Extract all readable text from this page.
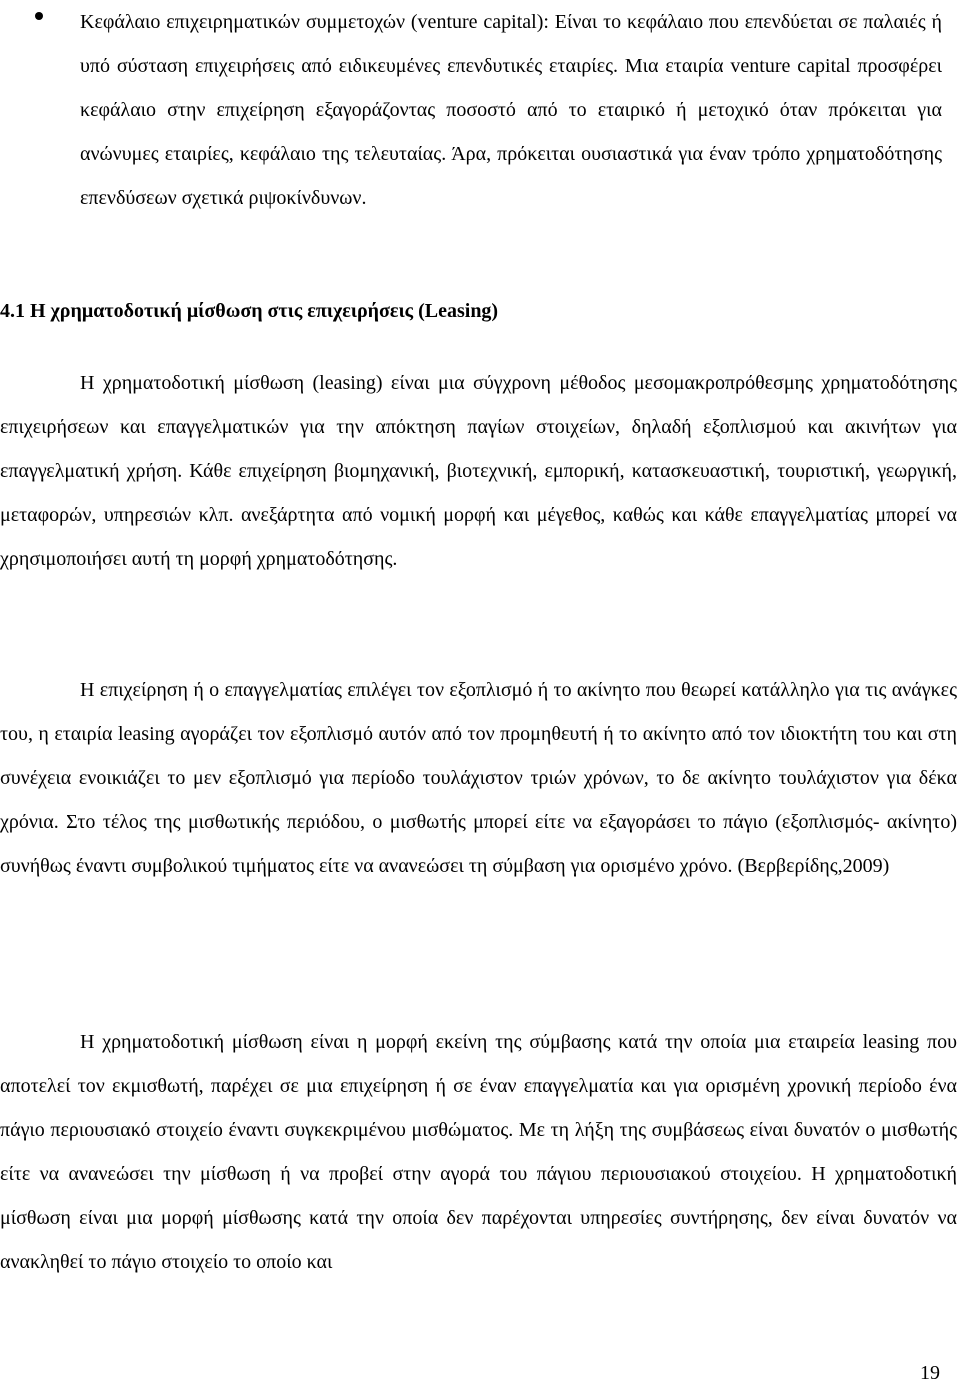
Κεφάλαιο επιχειρηματικών συμμετοχών (venture capital): Είναι το κεφάλαιο που επενδύεται σε παλαιές ή υπό σύσταση επιχειρήσεις από ειδικευμένες επενδυτικές εταιρίες. Μια εταιρία venture capital προσφέρει κεφάλαιο στην επιχείρηση εξαγοράζοντας ποσοστό από το εταιρικό ή μετοχικό όταν πρόκειται για ανώνυμες εταιρίες, κεφάλαιο της τελευταίας. Άρα, πρόκειται ουσιαστικά για έναν τρόπο χρηματοδότησης επενδύσεων σχετικά ριψοκίνδυνων.
4.1 Η χρηματοδοτική μίσθωση στις επιχειρήσεις (Leasing)
Η χρηματοδοτική μίσθωση (leasing) είναι μια σύγχρονη μέθοδος μεσομακροπρόθεσμης χρηματοδότησης επιχειρήσεων και επαγγελματικών για την απόκτηση παγίων στοιχείων, δηλαδή εξοπλισμού και ακινήτων για επαγγελματική χρήση. Κάθε επιχείρηση βιομηχανική, βιοτεχνική, εμπορική, κατασκευαστική, τουριστική, γεωργική, μεταφορών, υπηρεσιών κλπ. ανεξάρτητα από νομική μορφή και μέγεθος, καθώς και κάθε επαγγελματίας μπορεί να χρησιμοποιήσει αυτή τη μορφή χρηματοδότησης.
Η επιχείρηση ή ο επαγγελματίας επιλέγει τον εξοπλισμό ή το ακίνητο που θεωρεί κατάλληλο για τις ανάγκες του, η εταιρία leasing αγοράζει τον εξοπλισμό αυτόν από τον προμηθευτή ή το ακίνητο από τον ιδιοκτήτη του και στη συνέχεια ενοικιάζει το μεν εξοπλισμό για περίοδο τουλάχιστον τριών χρόνων, το δε ακίνητο τουλάχιστον για δέκα χρόνια. Στο τέλος της μισθωτικής περιόδου, ο μισθωτής μπορεί είτε να εξαγοράσει το πάγιο (εξοπλισμός- ακίνητο) συνήθως έναντι συμβολικού τιμήματος είτε να ανανεώσει τη σύμβαση για ορισμένο χρόνο. (Βερβερίδης,2009)
Η χρηματοδοτική μίσθωση είναι η μορφή εκείνη της σύμβασης κατά την οποία μια εταιρεία leasing που αποτελεί τον εκμισθωτή, παρέχει σε μια επιχείρηση ή σε έναν επαγγελματία και για ορισμένη χρονική περίοδο ένα πάγιο περιουσιακό στοιχείο έναντι συγκεκριμένου μισθώματος. Με τη λήξη της συμβάσεως είναι δυνατόν ο μισθωτής είτε να ανανεώσει την μίσθωση ή να προβεί στην αγορά του πάγιου περιουσιακού στοιχείου. Η χρηματοδοτική μίσθωση είναι μια μορφή μίσθωσης κατά την οποία δεν παρέχονται υπηρεσίες συντήρησης, δεν είναι δυνατόν να ανακληθεί το πάγιο στοιχείο το οποίο και
19
